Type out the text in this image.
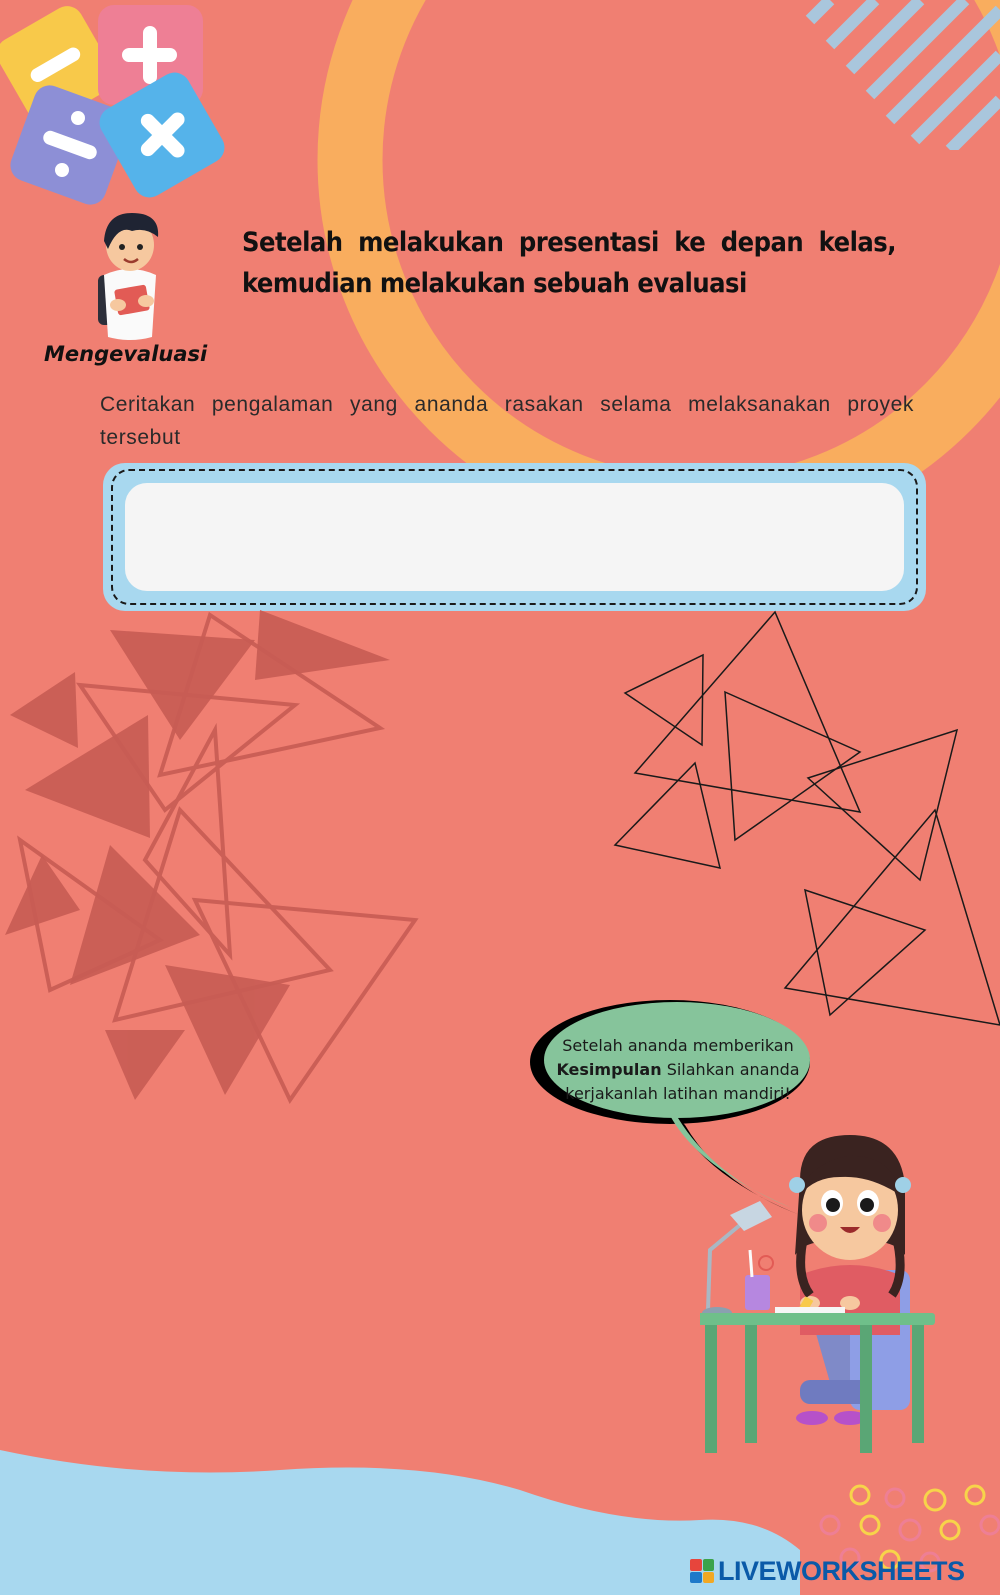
Mengevaluasi
Setelah melakukan presentasi ke depan kelas, kemudian melakukan sebuah evaluasi
Ceritakan pengalaman yang ananda rasakan selama melaksanakan proyek tersebut
Setelah ananda memberikan
Kesimpulan Silahkan ananda
kerjakanlah latihan mandiri!
LIVEWORKSHEETS
